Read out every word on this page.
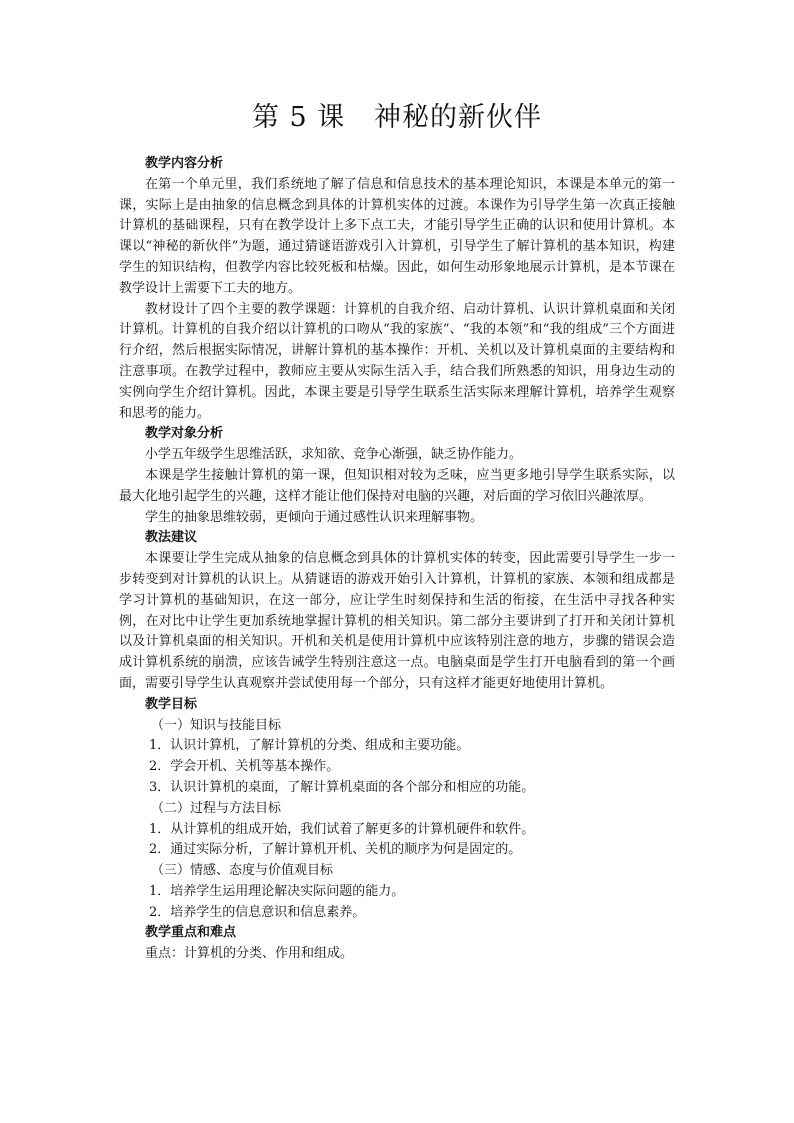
第 5 课   神秘的新伙伴

教学内容分析

在第一个单元里，我们系统地了解了信息和信息技术的基本理论知识，本课是本单元的第一课，实际上是由抽象的信息概念到具体的计算机实体的过渡。本课作为引导学生第一次真正接触计算机的基础课程，只有在教学设计上多下点工夫，才能引导学生正确的认识和使用计算机。本课以“神秘的新伙伴”为题，通过猜谜语游戏引入计算机，引导学生了解计算机的基本知识，构建学生的知识结构，但教学内容比较死板和枯燥。因此，如何生动形象地展示计算机，是本节课在教学设计上需要下工夫的地方。

教材设计了四个主要的教学课题：计算机的自我介绍、启动计算机、认识计算机桌面和关闭计算机。计算机的自我介绍以计算机的口吻从“我的家族”、“我的本领”和“我的组成”三个方面进行介绍，然后根据实际情况，讲解计算机的基本操作：开机、关机以及计算机桌面的主要结构和注意事项。在教学过程中，教师应主要从实际生活入手，结合我们所熟悉的知识，用身边生动的实例向学生介绍计算机。因此，本课主要是引导学生联系生活实际来理解计算机，培养学生观察和思考的能力。

教学对象分析

小学五年级学生思维活跃，求知欲、竞争心渐强，缺乏协作能力。

本课是学生接触计算机的第一课，但知识相对较为乏味，应当更多地引导学生联系实际，以最大化地引起学生的兴趣，这样才能让他们保持对电脑的兴趣，对后面的学习依旧兴趣浓厚。

学生的抽象思维较弱，更倾向于通过感性认识来理解事物。

教法建议

本课要让学生完成从抽象的信息概念到具体的计算机实体的转变，因此需要引导学生一步一步转变到对计算机的认识上。从猜谜语的游戏开始引入计算机，计算机的家族、本领和组成都是学习计算机的基础知识，在这一部分，应让学生时刻保持和生活的衔接，在生活中寻找各种实例，在对比中让学生更加系统地掌握计算机的相关知识。第二部分主要讲到了打开和关闭计算机以及计算机桌面的相关知识。开机和关机是使用计算机中应该特别注意的地方，步骤的错误会造成计算机系统的崩溃，应该告诫学生特别注意这一点。电脑桌面是学生打开电脑看到的第一个画面，需要引导学生认真观察并尝试使用每一个部分，只有这样才能更好地使用计算机。

教学目标

（一）知识与技能目标

1．认识计算机，了解计算机的分类、组成和主要功能。

2．学会开机、关机等基本操作。

3．认识计算机的桌面，了解计算机桌面的各个部分和相应的功能。

（二）过程与方法目标

1．从计算机的组成开始，我们试着了解更多的计算机硬件和软件。

2．通过实际分析，了解计算机开机、关机的顺序为何是固定的。

（三）情感、态度与价值观目标

1．培养学生运用理论解决实际问题的能力。

2．培养学生的信息意识和信息素养。

教学重点和难点

重点：计算机的分类、作用和组成。
